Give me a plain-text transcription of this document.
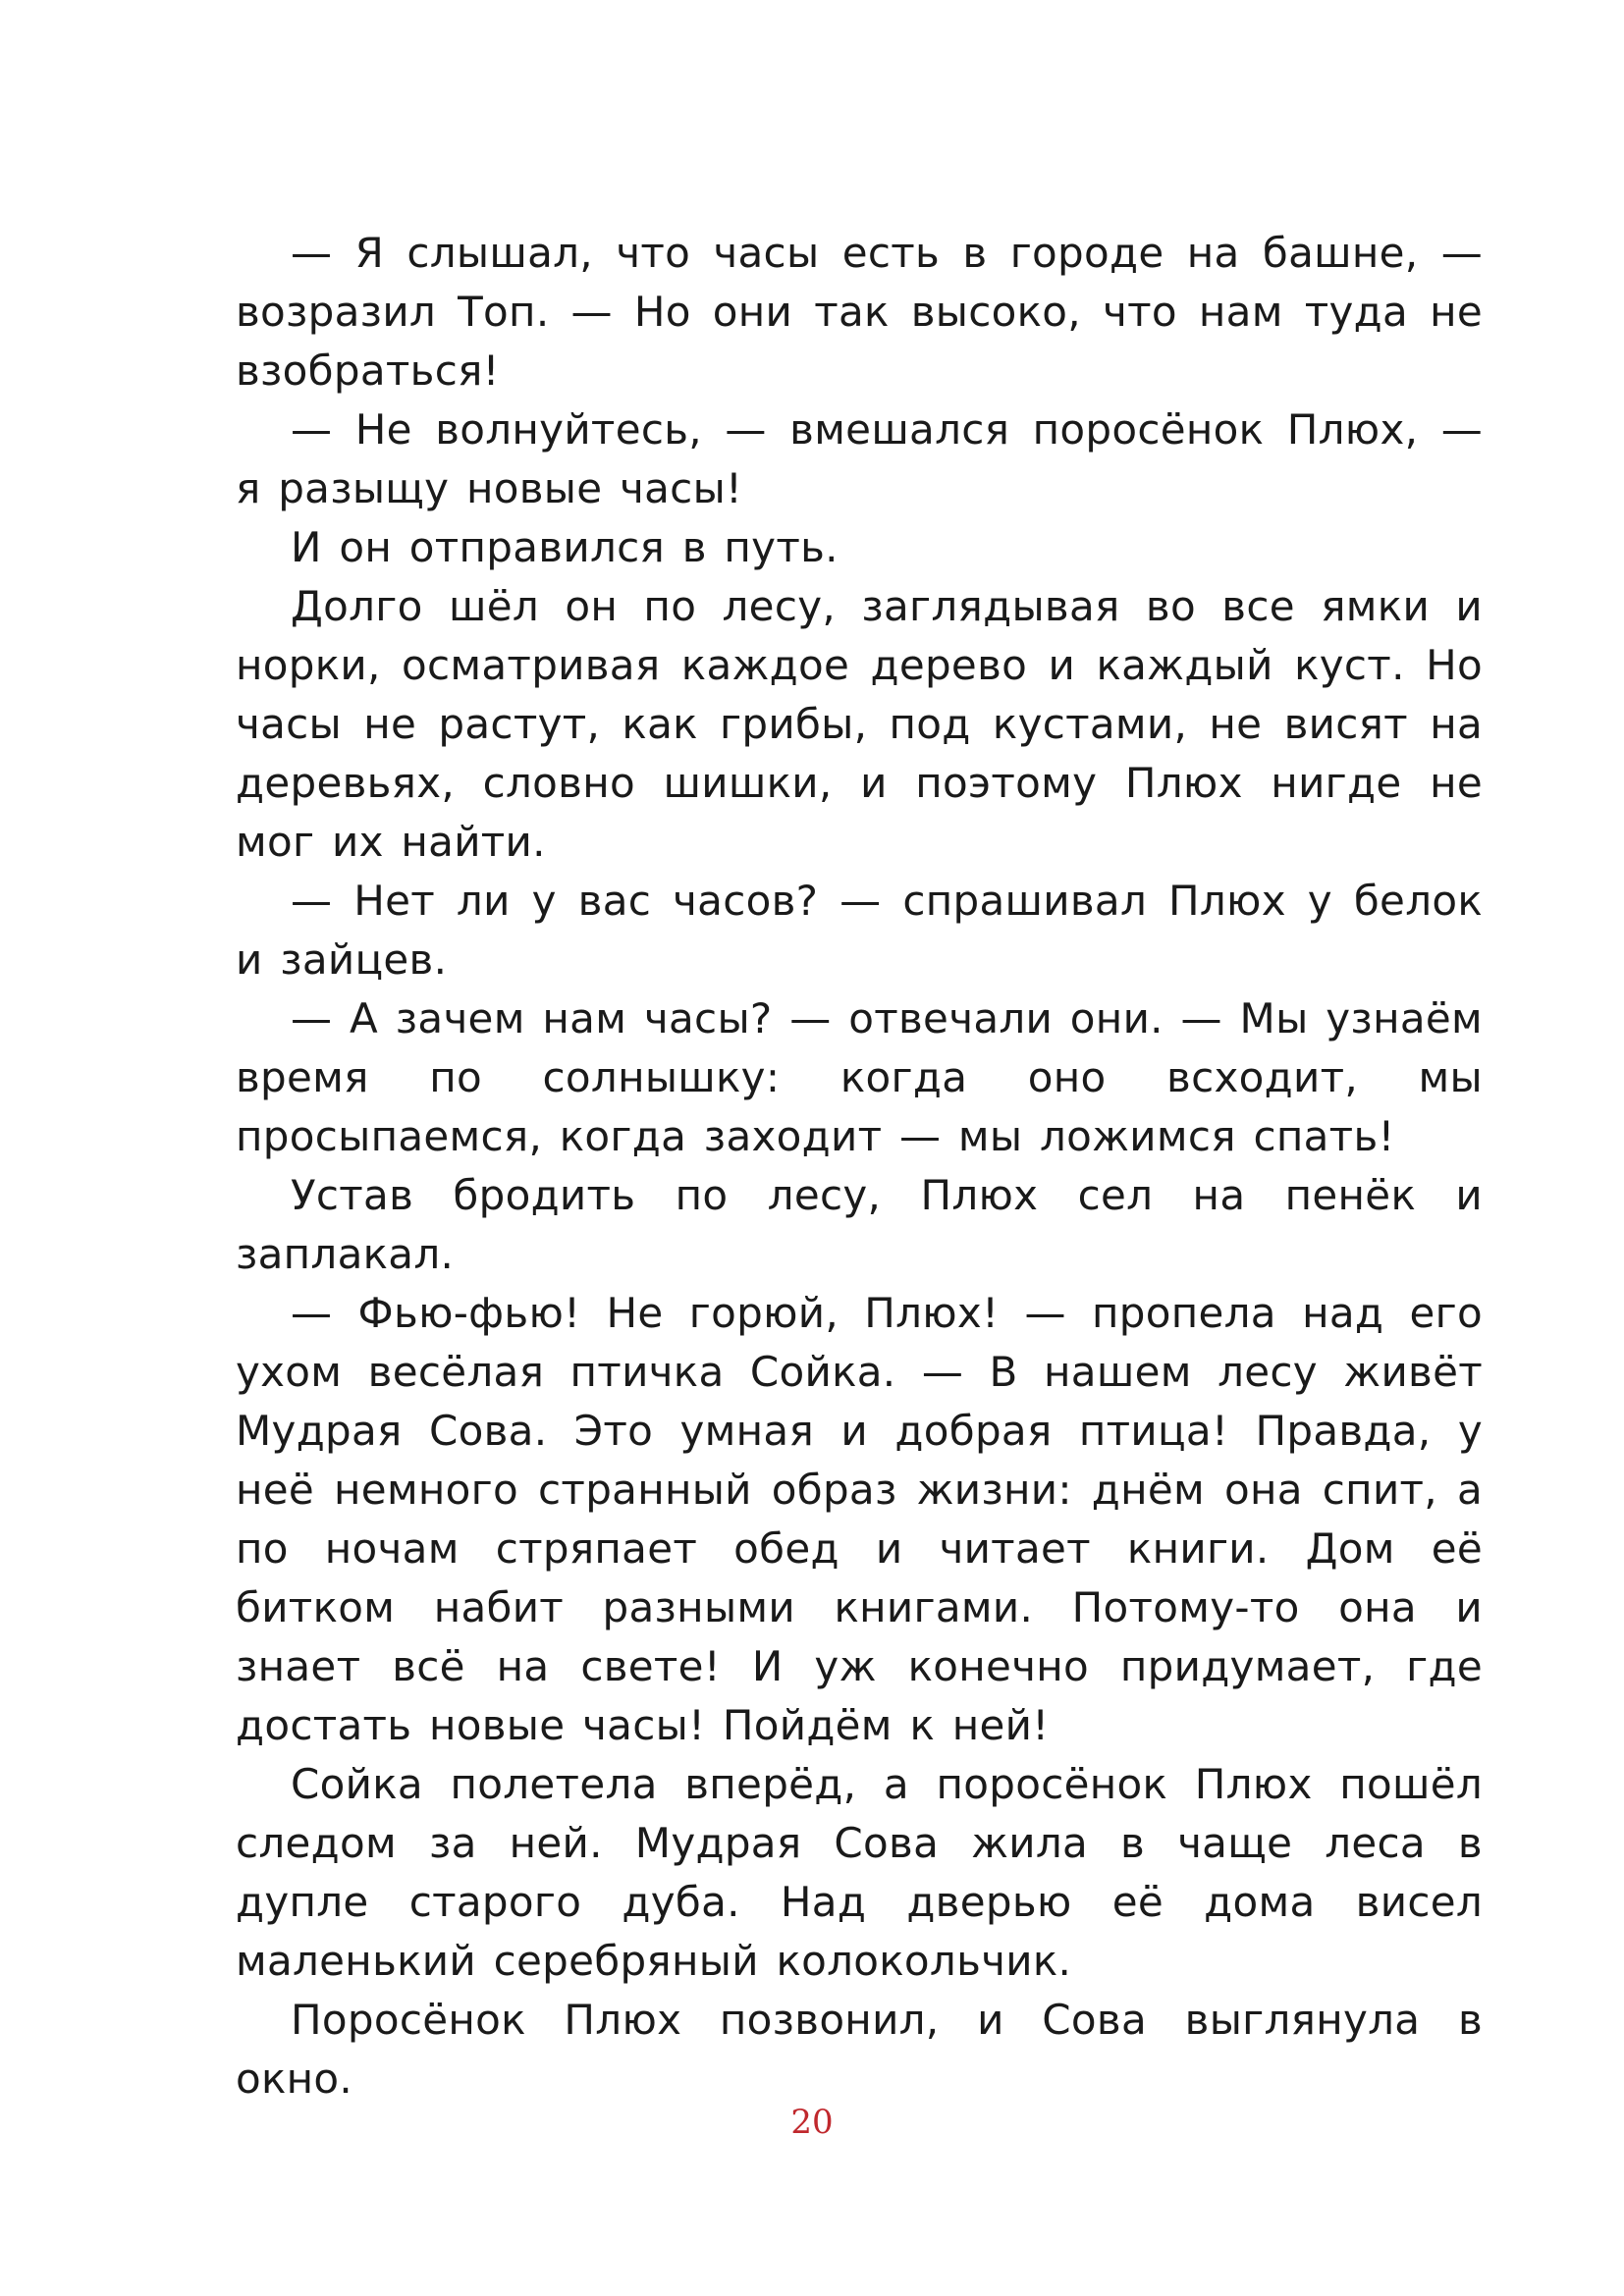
— Я слышал, что часы есть в городе на башне, — возразил Топ. — Но они так высоко, что нам туда не взобраться!

— Не волнуйтесь, — вмешался поросёнок Плюх, — я разыщу новые часы!

И он отправился в путь.

Долго шёл он по лесу, заглядывая во все ямки и норки, осматривая каждое дерево и каждый куст. Но часы не растут, как грибы, под кустами, не висят на деревьях, словно шишки, и поэтому Плюх нигде не мог их найти.

— Нет ли у вас часов? — спрашивал Плюх у белок и зайцев.

— А зачем нам часы? — отвечали они. — Мы узнаём время по солнышку: когда оно всходит, мы просыпаемся, когда заходит — мы ложимся спать!

Устав бродить по лесу, Плюх сел на пенёк и заплакал.

— Фью-фью! Не горюй, Плюх! — пропела над его ухом весёлая птичка Сойка. — В нашем лесу живёт Мудрая Сова. Это умная и добрая птица! Правда, у неё немного странный образ жизни: днём она спит, а по ночам стряпает обед и читает книги. Дом её битком набит разными книгами. Потому-то она и знает всё на свете! И уж конечно придумает, где достать новые часы! Пойдём к ней!

Сойка полетела вперёд, а поросёнок Плюх пошёл следом за ней. Мудрая Сова жила в чаще леса в дупле старого дуба. Над дверью её дома висел маленький серебряный колокольчик.

Поросёнок Плюх позвонил, и Сова выглянула в окно.

20
